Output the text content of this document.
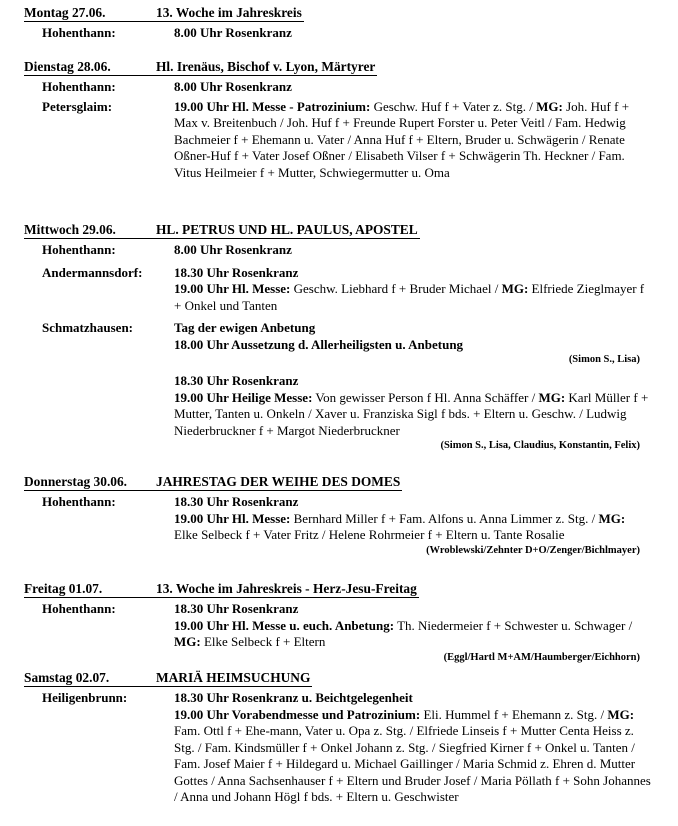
Montag 27.06.	13. Woche im Jahreskreis
Hohenthann:	8.00 Uhr Rosenkranz
Dienstag 28.06.	Hl. Irenäus, Bischof v. Lyon, Märtyrer
Hohenthann:	8.00 Uhr Rosenkranz
Petersglaim:	19.00 Uhr Hl. Messe - Patrozinium: Geschw. Huf f + Vater z. Stg. / MG: Joh. Huf f + Max v. Breitenbuch / Joh. Huf f + Freunde Rupert Forster u. Peter Veitl / Fam. Hedwig Bachmeier f + Ehemann u. Vater / Anna Huf f + Eltern, Bruder u. Schwägerin / Renate Oßner-Huf f + Vater Josef Oßner / Elisabeth Vilser f + Schwägerin Th. Heckner / Fam. Vitus Heilmeier f + Mutter, Schwiegermutter u. Oma
Mittwoch 29.06.	HL. PETRUS UND HL. PAULUS, APOSTEL
Hohenthann:	8.00 Uhr Rosenkranz
Andermannsdorf:	18.30 Uhr Rosenkranz
19.00 Uhr Hl. Messe: Geschw. Liebhard f + Bruder Michael / MG: Elfriede Zieglmayer f + Onkel und Tanten
Schmatzhausen:	Tag der ewigen Anbetung
18.00 Uhr Aussetzung d. Allerheiligsten u. Anbetung
(Simon S., Lisa)
18.30 Uhr Rosenkranz
19.00 Uhr Heilige Messe: Von gewisser Person f Hl. Anna Schäffer / MG: Karl Müller f + Mutter, Tanten u. Onkeln / Xaver u. Franziska Sigl f bds. + Eltern u. Geschw. / Ludwig Niederbruckner f + Margot Niederbruckner
(Simon S., Lisa, Claudius, Konstantin, Felix)
Donnerstag 30.06.	JAHRESTAG DER WEIHE DES DOMES
Hohenthann:	18.30 Uhr Rosenkranz
19.00 Uhr Hl. Messe: Bernhard Miller f + Fam. Alfons u. Anna Limmer z. Stg. / MG: Elke Selbeck f + Vater Fritz / Helene Rohrmeier f + Eltern u. Tante Rosalie
(Wroblewski/Zehnter D+O/Zenger/Bichlmayer)
Freitag 01.07.	13. Woche im Jahreskreis - Herz-Jesu-Freitag
Hohenthann:	18.30 Uhr Rosenkranz
19.00 Uhr Hl. Messe u. euch. Anbetung: Th. Niedermeier f + Schwester u. Schwager / MG: Elke Selbeck f + Eltern
(Eggl/Hartl M+AM/Haumberger/Eichhorn)
Samstag 02.07.	MARIÄ HEIMSUCHUNG
Heiligenbrunn:	18.30 Uhr Rosenkranz u. Beichtgelegenheit
19.00 Uhr Vorabendmesse und Patrozinium: Eli. Hummel f + Ehemann z. Stg. / MG: Fam. Ottl f + Ehe-mann, Vater u. Opa z. Stg. / Elfriede Linseis f + Mutter Centa Heiss z. Stg. / Fam. Kindsmüller f + Onkel Johann z. Stg. / Siegfried Kirner f + Onkel u. Tanten / Fam. Josef Maier f + Hildegard u. Michael Gaillinger / Maria Schmid z. Ehren d. Mutter Gottes / Anna Sachsenhauser f + Eltern und Bruder Josef / Maria Pöllath f + Sohn Johannes / Anna und Johann Högl f bds. + Eltern u. Geschwister
